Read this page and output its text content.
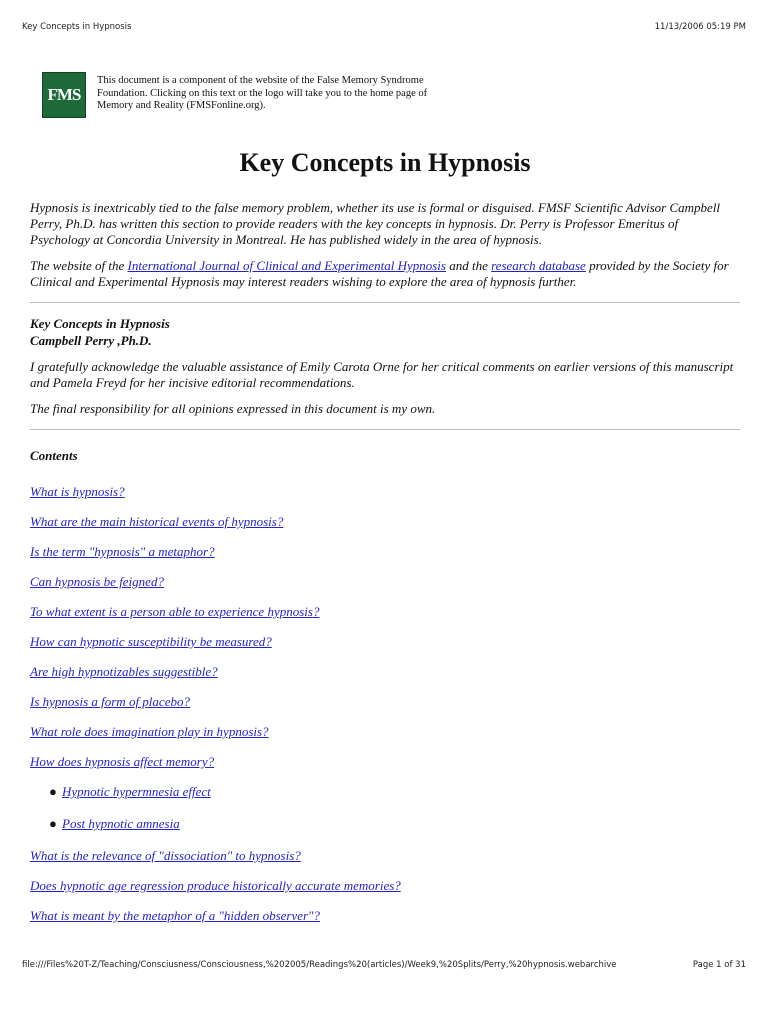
Key Concepts in Hypnosis	11/13/2006 05:19 PM
FMS
This document is a component of the website of the False Memory Syndrome Foundation. Clicking on this text or the logo will take you to the home page of Memory and Reality (FMSFonline.org).
Key Concepts in Hypnosis

Hypnosis is inextricably tied to the false memory problem, whether its use is formal or disguised. FMSF Scientific Advisor Campbell Perry, Ph.D. has written this section to provide readers with the key concepts in hypnosis. Dr. Perry is Professor Emeritus of Psychology at Concordia University in Montreal. He has published widely in the area of hypnosis.

The website of the International Journal of Clinical and Experimental Hypnosis and the research database provided by the Society for Clinical and Experimental Hypnosis may interest readers wishing to explore the area of hypnosis further.

Key Concepts in Hypnosis
Campbell Perry ,Ph.D.

I gratefully acknowledge the valuable assistance of Emily Carota Orne for her critical comments on earlier versions of this manuscript and Pamela Freyd for her incisive editorial recommendations.

The final responsibility for all opinions expressed in this document is my own.

Contents
What is hypnosis?
What are the main historical events of hypnosis?
Is the term "hypnosis" a metaphor?
Can hypnosis be feigned?
To what extent is a person able to experience hypnosis?
How can hypnotic susceptibility be measured?
Are high hypnotizables suggestible?
Is hypnosis a form of placebo?
What role does imagination play in hypnosis?
How does hypnosis affect memory?
● Hypnotic hypermnesia effect
● Post hypnotic amnesia
What is the relevance of "dissociation" to hypnosis?
Does hypnotic age regression produce historically accurate memories?
What is meant by the metaphor of a "hidden observer"?
file:///Files%20T-Z/Teaching/Consciusness/Consciousness,%202005/Readings%20(articles)/Week9,%20Splits/Perry,%20hypnosis.webarchive	Page 1 of 31
